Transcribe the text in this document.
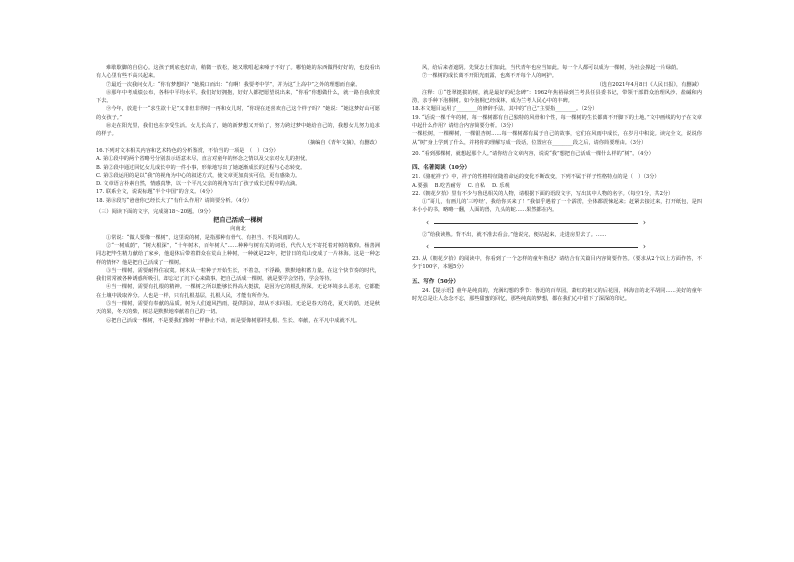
难歇歇脚的自信心。这孩子到底也好动，稍微一放松，她又歌唱起来嗓子不好了。哪怕她的东西做得好好的，也没看出有人心里有些不高兴起来。

⑦最近一次我问女儿：“你有梦想吗？”她脱口而出：“有啊！我要考中学”，并为这“上高中”之外的理想而自豪。

⑧那年中考成绩公布，各科中平均水平。我们好好拥抱，好好人都把愿望说出来，“你看”你想做什么，就一路自我欣赏下去。

⑨今年，放进十一“求生欲十足”又非但非得时一再和女儿时，“你现在还喜欢自己这个样子吗？”她说：“她这梦好山可愿的女孩子。”

⑩走在阳光里，我们也在享受生活。女儿长高了，她的新梦想又开始了，努力跨过梦中她给自己的，我想女儿努力追求的样子。

（摘编自《青年文摘》，有删改）

16.下列对文本相关内容和艺术特色的分析鉴赏，不恰当的一项是　（　）（3分）

A. 第①段中的两个省略号分别表示语意未尽，直言对童年的怀念之情以及父亲对女儿的担忧。

B. 第②段中通过回忆女儿成长中的一件小事，形象地写出了她逐渐成长的过程与心态转变。

C. 第⑤段运用的是以“我”的视角为中心的叙述方式，使文章更加真实可信，更有感染力。

D. 文章语言朴素自然，情感真挚，以一个平凡父亲的视角写出了孩子成长过程中的点滴。

17. 联系全文，说说标题“半个中国”的含义。（4分）

18. 第⑧段写“爸爸你已经长大了”有什么作用？请简要分析。（4分）

（三）阅读下面的文字，完成第18～20题。（9分）

把自己活成一棵树

向南北

①常说：“做人要像一棵树”，这里说的树，是指那种有骨气、有担当、不畏风雨的人。

②“一树成荫”，“树大根深”，“十年树木，百年树人”……种种与树有关的词语，代代人无不寄托着对树的敬仰。杨善洲同志把毕生精力献给了家乡，他退休后带着群众在荒山上种树，一种就是22年，把昔日的荒山变成了一片林海。这是一种怎样的情怀？他是把自己活成了一棵树。

③当一棵树，需要耐得住寂寞。树木从一粒种子开始生长，不着急，不浮躁，默默地积蓄力量。在这个快节奏的时代，我们常常被各种诱惑所吸引，却忘记了沉下心来做事。把自己活成一棵树，就是要学会坚持，学会等待。

④当一棵树，需要有扎根的精神。一棵树之所以能够长得高大挺拔，是因为它的根扎得深。无论环境多么恶劣，它都能在土壤中汲取养分。人也是一样，只有扎根基层，扎根人民，才能有所作为。

⑤当一棵树，需要有奉献的品质。树为人们遮风挡雨，提供阴凉，却从不求回报。无论是春天的花，夏天的荫，还是秋天的果，冬天的柴，树总是默默地奉献着自己的一切。

⑥把自己活成一棵树，不是要我们像树一样静止不动，而是要像树那样扎根、生长、奉献，在平凡中成就不凡。

风，给后来者遮阴。先贤志士们如此，当代青年也应当如此。每一个人都可以成为一棵树，为社会撑起一片绿荫。

⑦一棵树的成长离不开阳光雨露，也离不开每个人的呵护。

（选自2021年4月8日《人民日报》，有删减）

注释：①“苍翠挺拔的树，就是最好的纪念碑”：1962年焦裕禄到兰考县任县委书记，带领干部群众治理风沙、盐碱和内涝，亲手种下泡桐树。如今泡桐已经成林，成为兰考人民心中的丰碑。

18.本文题目运用了________的修辞手法，其中的“自己”主要指________。（2分）

19. “话说一棵千年的树，每一棵树都有自己独特的风骨和个性，每一棵树的生长都离不开脚下的土地。”文中画线的句子在文章中起什么作用？请结合内容简要分析。（3分）

一棵松树，一棵柳树，一棵银杏树……每一棵树都有属于自己的故事，它们在风雨中成长，在岁月中积淀。读完全文，说说你从“树”身上学到了什么，并将你的理解写成一段话，位置应在________段之后，请你简要理由。（3分）

20. “看到那棵树，就想起那个人。”请你结合文章内容，说说“我”想把自己活成一棵什么样的“树”。（4分）

四、名著阅读（10分）

21.《骆驼祥子》中，祥子的性格特征随着命运的变化不断改变，下列不属于祥子性格特点的是（　）（3分）

A.要强　 B.吃苦耐劳　 C. 自私　 D. 乐观

22.《朝花夕拾》里有不少与鲁迅相关的人物，请根据下面的语段文字，写出其中人物的名字。（每空1分，共2分）

①“哥儿，有画儿的‘三哼经’，我给你买来了！”我似乎遇着了一个霹雳，全体都震悚起来；赶紧去接过来，打开纸包，是四本小小的书，略略一翻，人面的兽，九头的蛇……果然都在内。

‹	›

②“给我读熟。背不出，就不准去看会。”他说完，便站起来，走进房里去了。……

‹	›

23. 从《朝花夕拾》的阅读中，你看到了一个怎样的童年鲁迅？请结合有关篇目内容简要作答。（要求从2个以上方面作答，不少于100字，本题5分）

五、写作（50分）

24.【提示语】童年是纯真的，充满幻想的季节：鲁迅的百草园，萧红的祖父的后花园，林海音的北平胡同……美好的童年时光总是让人念念不忘，那些甜蜜的回忆，那些纯真的梦想，都在我们心中留下了深深的印记。
